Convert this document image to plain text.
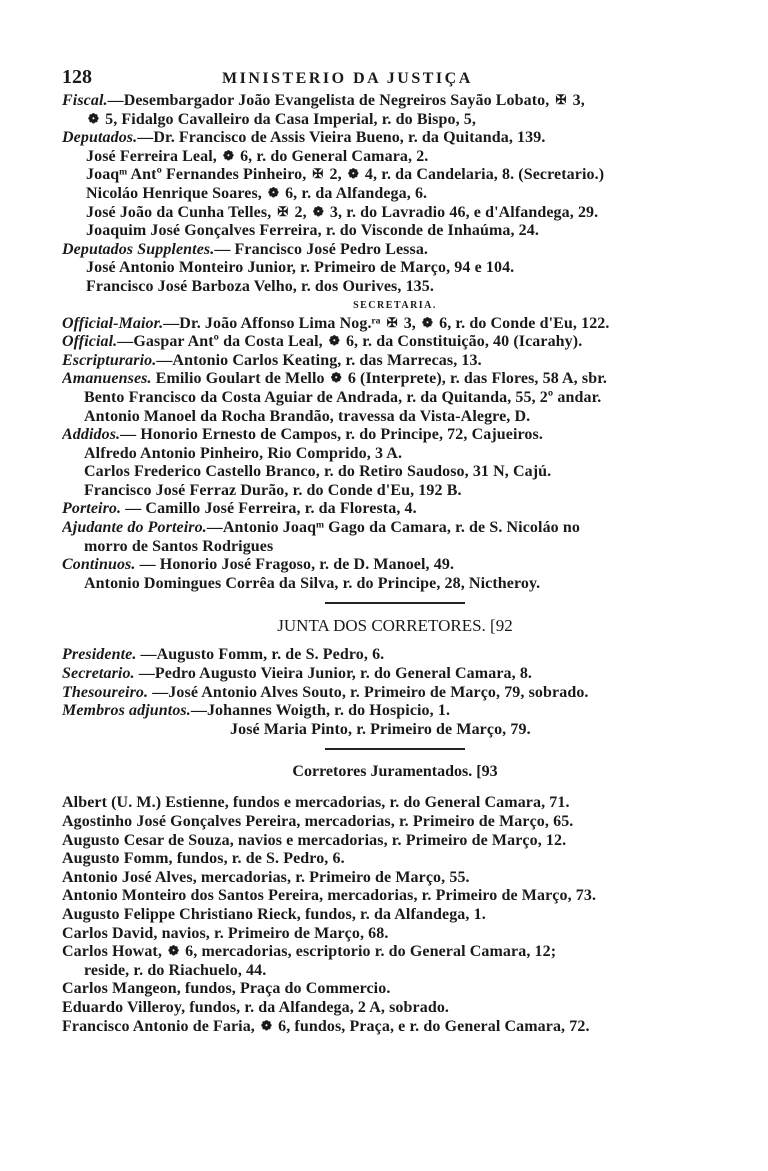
128	MINISTERIO DA JUSTIÇA
Fiscal.—Desembargador João Evangelista de Negreiros Sayão Lobato, ✠ 3,
❁ 5, Fidalgo Cavalleiro da Casa Imperial, r. do Bispo, 5,
Deputados.—Dr. Francisco de Assis Vieira Bueno, r. da Quitanda, 139.
José Ferreira Leal, ❁ 6, r. do General Camara, 2.
Joaqᵐ Antº Fernandes Pinheiro, ✠ 2, ❁ 4, r. da Candelaria, 8. (Secretario.)
Nicoláo Henrique Soares, ❁ 6, r. da Alfandega, 6.
José João da Cunha Telles, ✠ 2, ❁ 3, r. do Lavradio 46, e d'Alfandega, 29.
Joaquim José Gonçalves Ferreira, r. do Visconde de Inhaúma, 24.
Deputados Supplentes.— Francisco José Pedro Lessa.
José Antonio Monteiro Junior, r. Primeiro de Março, 94 e 104.
Francisco José Barboza Velho, r. dos Ourives, 135.
SECRETARIA.
Official-Maior.—Dr. João Affonso Lima Nog.ʳᵃ ✠ 3, ❁ 6, r. do Conde d'Eu, 122.
Official.—Gaspar Antº da Costa Leal, ❁ 6, r. da Constituição, 40 (Icarahy).
Escripturario.—Antonio Carlos Keating, r. das Marrecas, 13.
Amanuenses. Emilio Goulart de Mello ❁ 6 (Interprete), r. das Flores, 58 A, sbr.
Bento Francisco da Costa Aguiar de Andrada, r. da Quitanda, 55, 2º andar.
Antonio Manoel da Rocha Brandão, travessa da Vista-Alegre, D.
Addidos.— Honorio Ernesto de Campos, r. do Principe, 72, Cajueiros.
Alfredo Antonio Pinheiro, Rio Comprido, 3 A.
Carlos Frederico Castello Branco, r. do Retiro Saudoso, 31 N, Cajú.
Francisco José Ferraz Durão, r. do Conde d'Eu, 192 B.
Porteiro. — Camillo José Ferreira, r. da Floresta, 4.
Ajudante do Porteiro.—Antonio Joaqᵐ Gago da Camara, r. de S. Nicoláo no
morro de Santos Rodrigues
Continuos. — Honorio José Fragoso, r. de D. Manoel, 49.
Antonio Domingues Corrêa da Silva, r. do Principe, 28, Nictheroy.
JUNTA DOS CORRETORES. [92
Presidente. —Augusto Fomm, r. de S. Pedro, 6.
Secretario. —Pedro Augusto Vieira Junior, r. do General Camara, 8.
Thesoureiro. —José Antonio Alves Souto, r. Primeiro de Março, 79, sobrado.
Membros adjuntos.—Johannes Woigth, r. do Hospicio, 1.
José Maria Pinto, r. Primeiro de Março, 79.
Corretores Juramentados. [93
Albert (U. M.) Estienne, fundos e mercadorias, r. do General Camara, 71.
Agostinho José Gonçalves Pereira, mercadorias, r. Primeiro de Março, 65.
Augusto Cesar de Souza, navios e mercadorias, r. Primeiro de Março, 12.
Augusto Fomm, fundos, r. de S. Pedro, 6.
Antonio José Alves, mercadorias, r. Primeiro de Março, 55.
Antonio Monteiro dos Santos Pereira, mercadorias, r. Primeiro de Março, 73.
Augusto Felippe Christiano Rieck, fundos, r. da Alfandega, 1.
Carlos David, navios, r. Primeiro de Março, 68.
Carlos Howat, ❁ 6, mercadorias, escriptorio r. do General Camara, 12;
reside, r. do Riachuelo, 44.
Carlos Mangeon, fundos, Praça do Commercio.
Eduardo Villeroy, fundos, r. da Alfandega, 2 A, sobrado.
Francisco Antonio de Faria, ❁ 6, fundos, Praça, e r. do General Camara, 72.
